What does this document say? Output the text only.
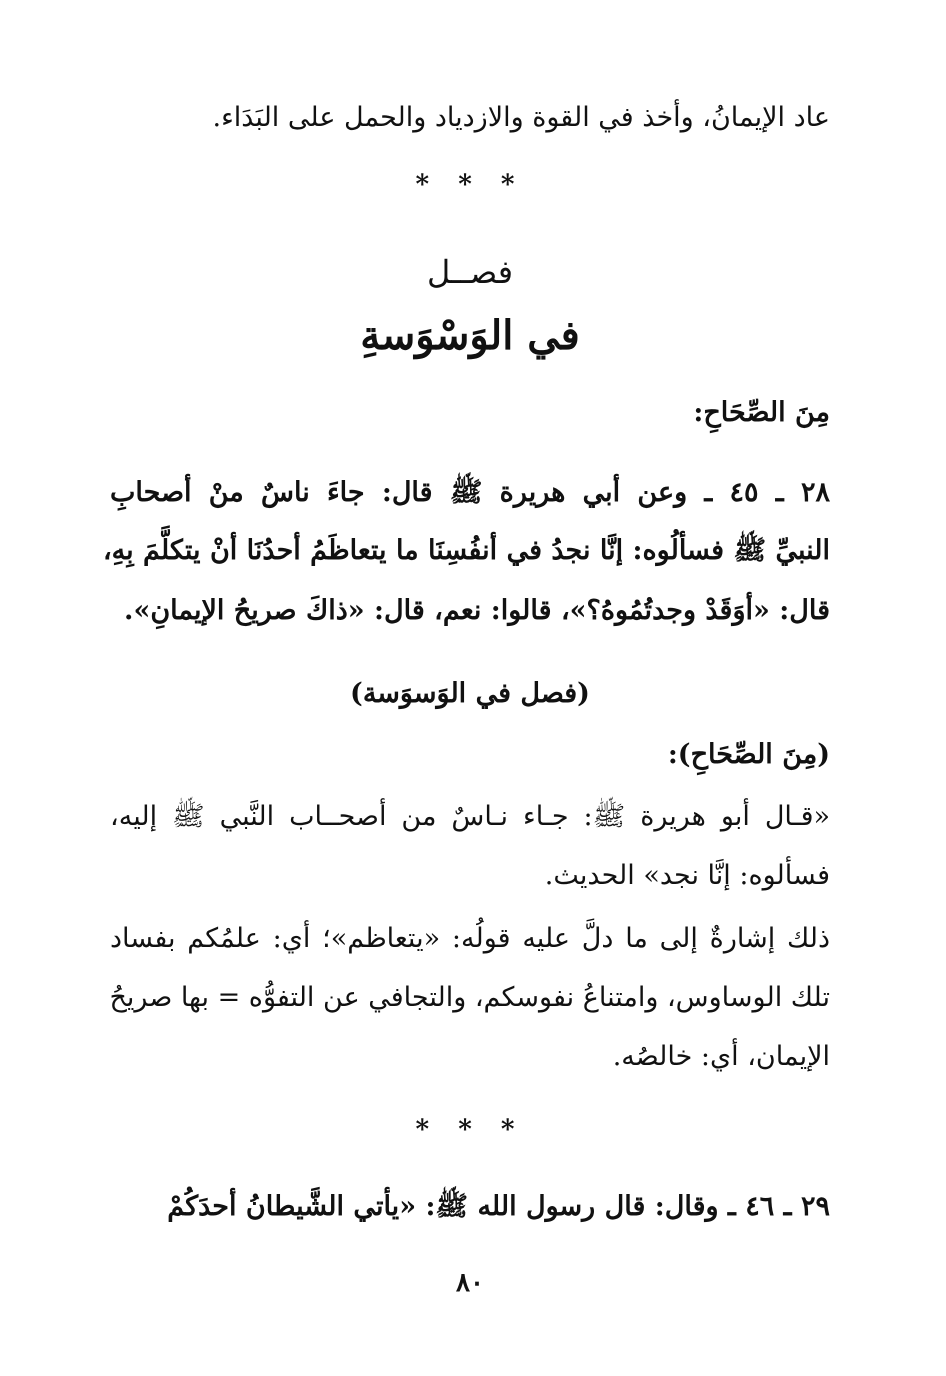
عاد الإيمانُ، وأخذ في القوة والازدياد والحمل على البَدَاء.
* * *
فصــل
في الوَسْوَسةِ
مِنَ الصِّحَاحِ:
٢٨ ـ ٤٥ ـ وعن أبي هريرة ﷺ قال: جاءَ ناسٌ منْ أصحابِ
النبيِّ ﷺ فسألُوه: إنَّا نجدُ في أنفُسِنَا ما يتعاظَمُ أحدُنَا أنْ يتكلَّمَ بِهِ،
قال: «أوَقَدْ وجدتُمُوهُ؟»، قالوا: نعم، قال: «ذاكَ صريحُ الإيمانِ».
(فصل في الوَسوَسة)
(مِنَ الصِّحَاحِ):
«قـال أبو هريرة ﷺ: جـاء نـاسٌ من أصحــاب النَّبي ﷺ إليه،
فسألوه: إنَّا نجد» الحديث.
ذلك إشارةٌ إلى ما دلَّ عليه قولُه: «يتعاظم»؛ أي: علمُكم بفساد
تلك الوساوس، وامتناعُ نفوسكم، والتجافي عن التفوُّه = بها صريحُ
الإيمان، أي: خالصُه.
* * *
٢٩ ـ ٤٦ ـ وقال: قال رسول الله ﷺ: «يأتي الشَّيطانُ أحدَكُمْ
٨٠
